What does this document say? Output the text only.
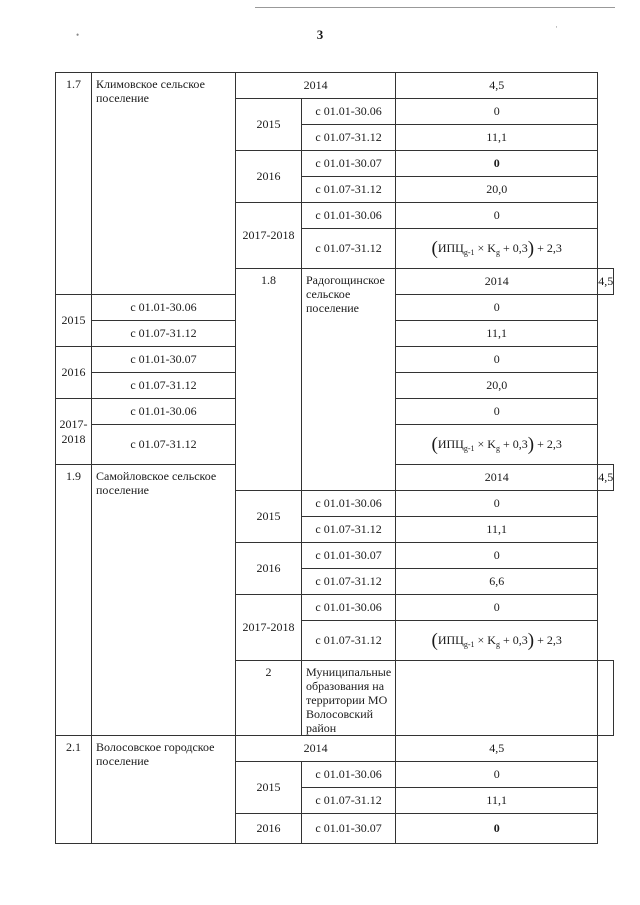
•
·
3
1.7	Климовское сельское поселение	2014		4,5	
		2015	с 01.01-30.06	0	
			с 01.07-31.12	11,1	
		2016	с 01.01-30.07	0	
			с 01.07-31.12	20,0	
		2017-2018	с 01.01-30.06	0	
			с 01.07-31.12	$(ИПЦ_{g-1} \times K_g + 0,3) + 2,3$	
		1.8	Радогощинское сельское поселение	2014	4,5
2015	с 01.01-30.06			0	
	с 01.07-31.12			11,1	
2016	с 01.01-30.07			0	
	с 01.07-31.12			20,0	
2017-2018	с 01.01-30.06			0	
	с 01.07-31.12			$(ИПЦ_{g-1} \times K_g + 0,3) + 2,3$	
1.9	Самойловское сельское поселение			2014	4,5
		2015	с 01.01-30.06	0	
			с 01.07-31.12	11,1	
		2016	с 01.01-30.07	0	
			с 01.07-31.12	6,6	
		2017-2018	с 01.01-30.06	0	
			с 01.07-31.12	$(ИПЦ_{g-1} \times K_g + 0,3) + 2,3$	
		2	Муниципальные образования на территории МО Волосовский район		
2.1	Волосовское городское поселение	2014		4,5	
		2015	с 01.01-30.06	0	
			с 01.07-31.12	11,1	
		2016	с 01.01-30.07	0	
